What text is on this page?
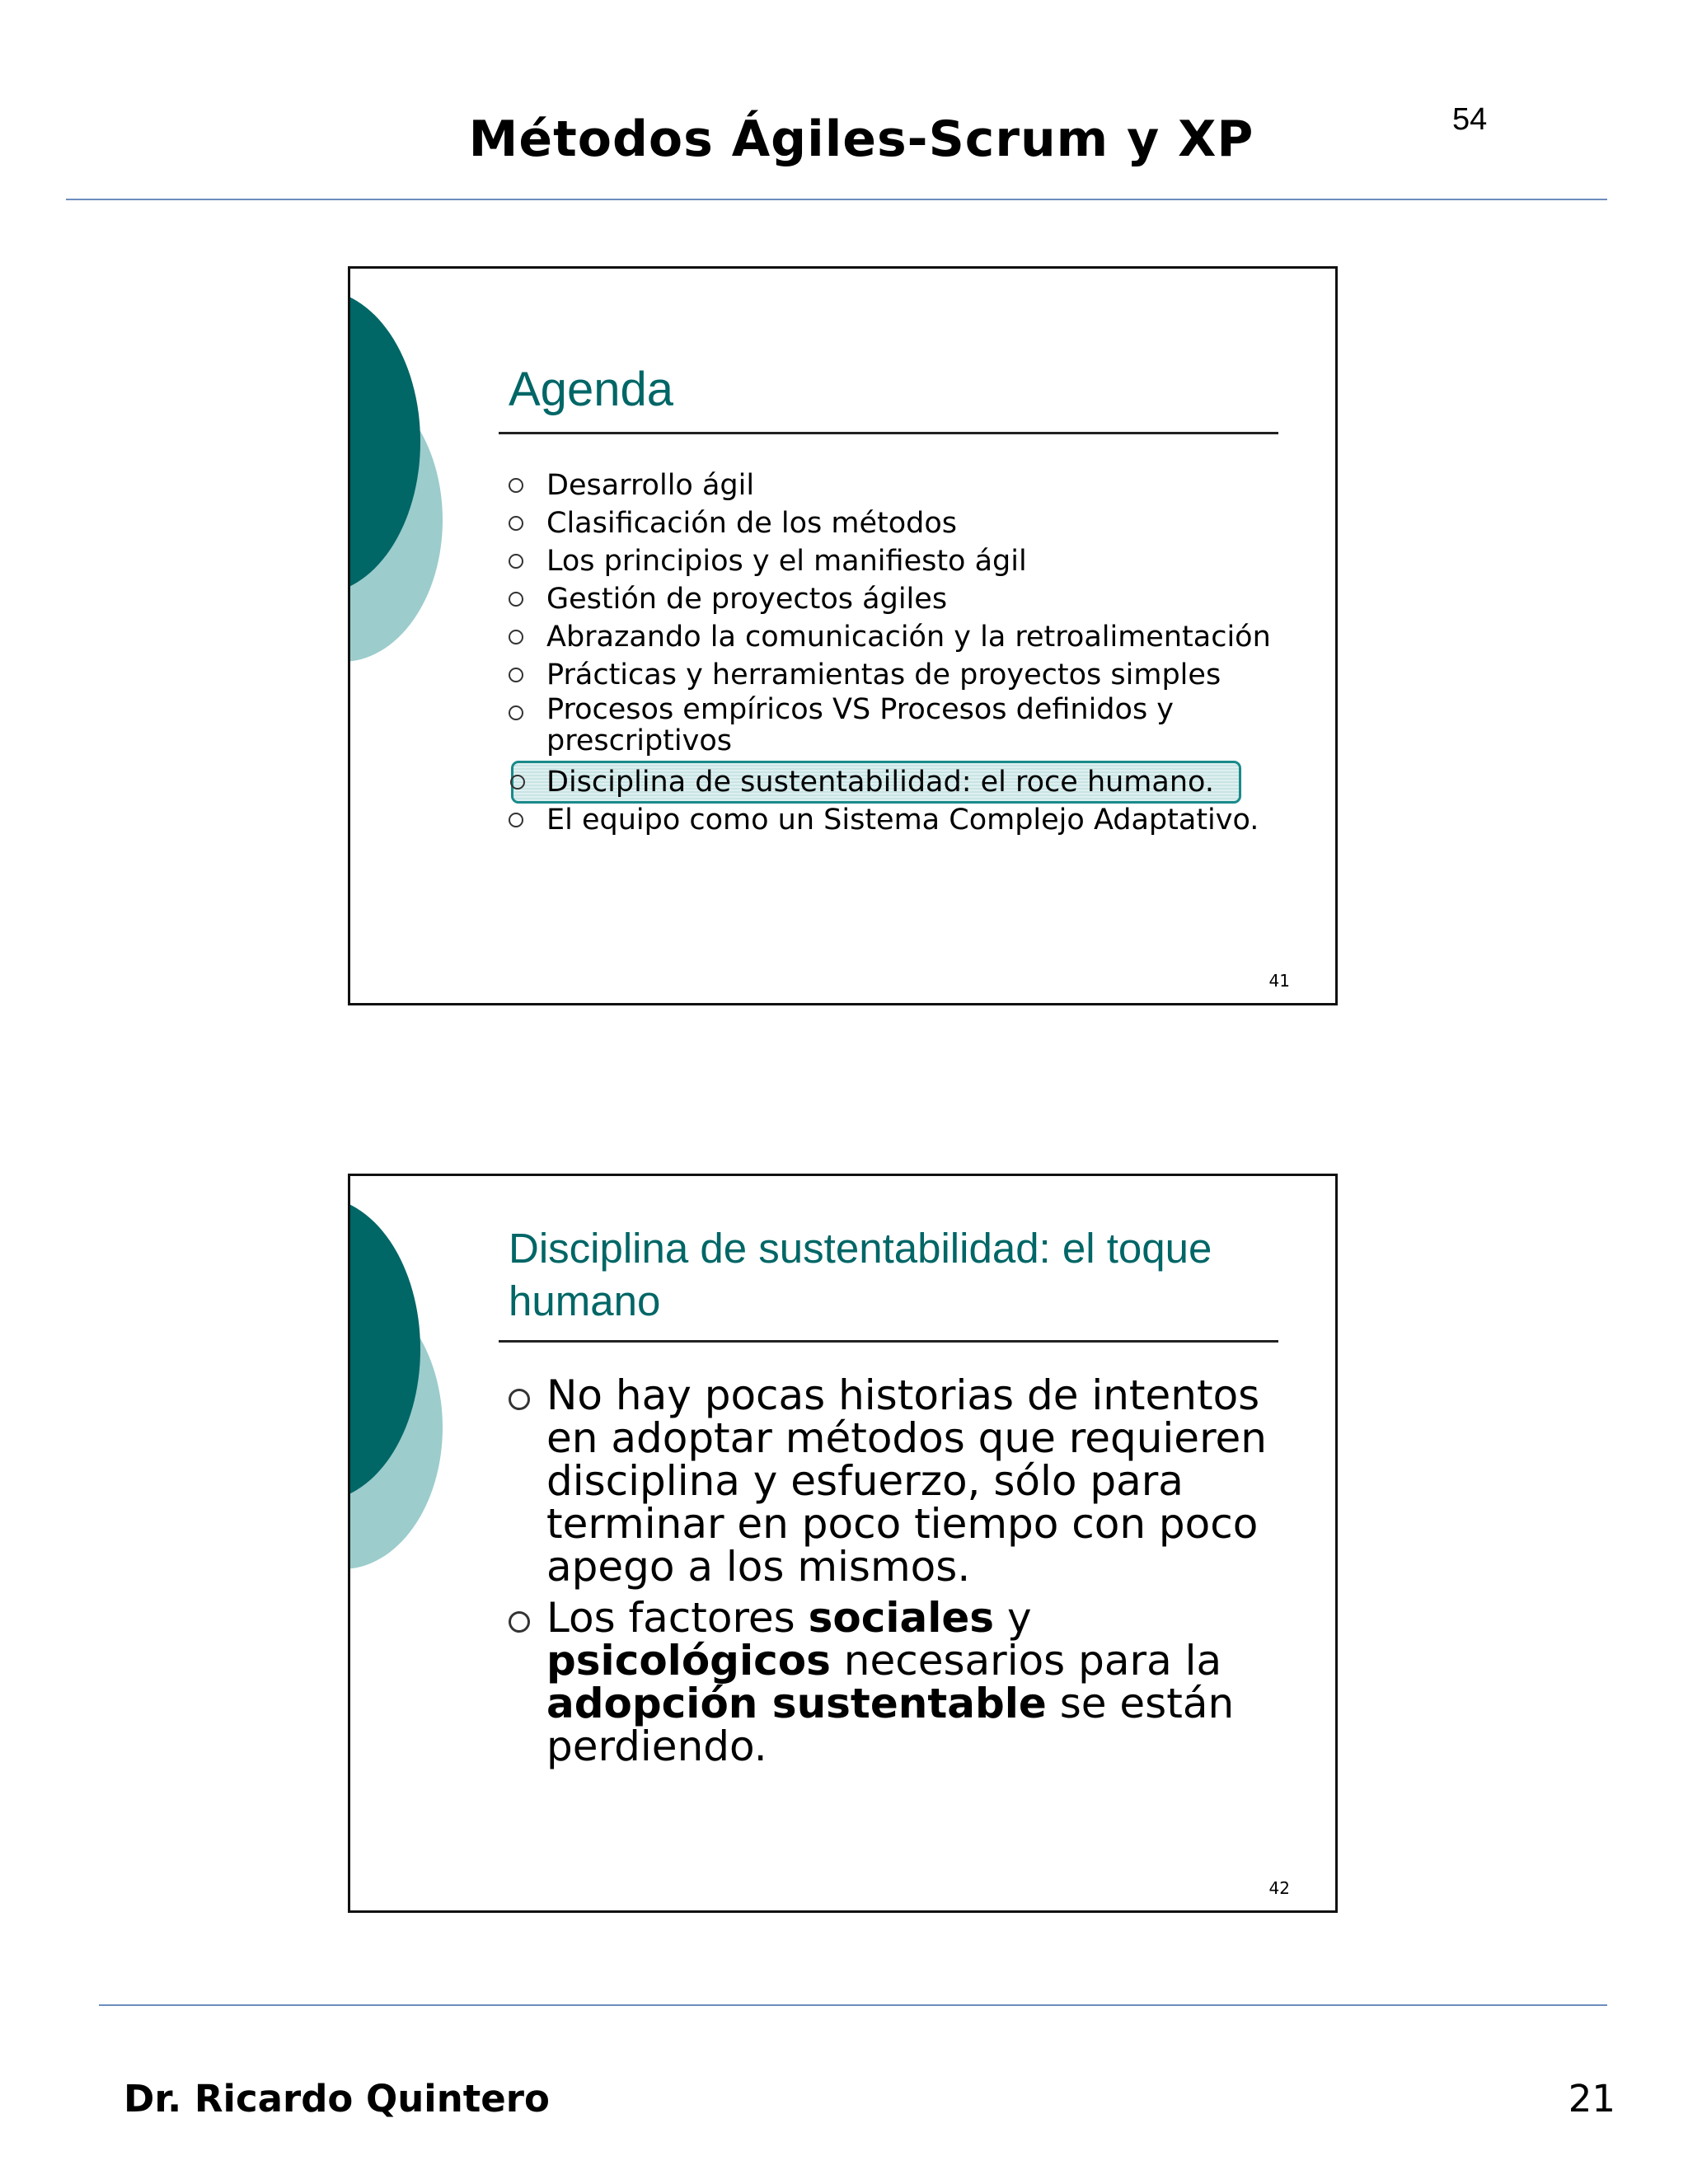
54
Métodos Ágiles-Scrum y XP
Agenda
Desarrollo ágil
Clasificación de los métodos
Los principios y el manifiesto ágil
Gestión de proyectos ágiles
Abrazando la comunicación y la retroalimentación
Prácticas y herramientas de proyectos simples
Procesos empíricos VS Procesos definidos y prescriptivos
Disciplina de sustentabilidad: el roce humano.
El equipo como un Sistema Complejo Adaptativo.
41
Disciplina de sustentabilidad: el toque humano
No hay pocas historias de intentos en adoptar métodos que requieren disciplina y esfuerzo, sólo para terminar en poco tiempo con poco apego a los mismos.
Los factores sociales y psicológicos necesarios para la adopción sustentable se están perdiendo.
42
Dr. Ricardo Quintero	21
